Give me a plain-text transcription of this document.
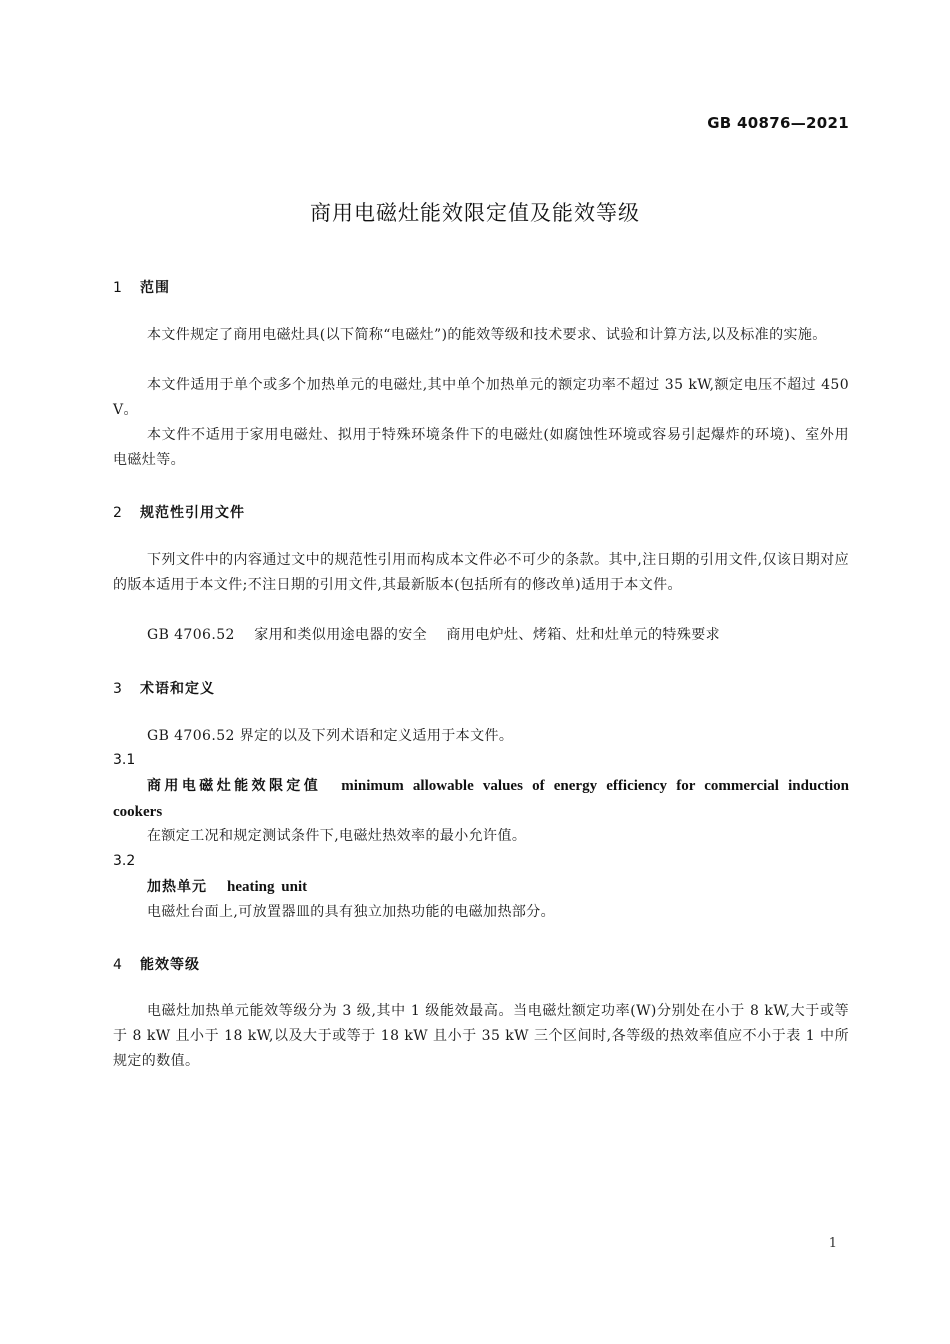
GB 40876—2021
商用电磁灶能效限定值及能效等级
1 范围
本文件规定了商用电磁灶具(以下简称“电磁灶”)的能效等级和技术要求、试验和计算方法,以及标准的实施。
本文件适用于单个或多个加热单元的电磁灶,其中单个加热单元的额定功率不超过 35 kW,额定电压不超过 450 V。
本文件不适用于家用电磁灶、拟用于特殊环境条件下的电磁灶(如腐蚀性环境或容易引起爆炸的环境)、室外用电磁灶等。
2 规范性引用文件
下列文件中的内容通过文中的规范性引用而构成本文件必不可少的条款。其中,注日期的引用文件,仅该日期对应的版本适用于本文件;不注日期的引用文件,其最新版本(包括所有的修改单)适用于本文件。
GB 4706.52    家用和类似用途电器的安全    商用电炉灶、烤箱、灶和灶单元的特殊要求
3 术语和定义
GB 4706.52 界定的以及下列术语和定义适用于本文件。
3.1
商用电磁灶能效限定值 minimum allowable values of energy efficiency for commercial induction cookers
在额定工况和规定测试条件下,电磁灶热效率的最小允许值。
3.2
加热单元 heating unit
电磁灶台面上,可放置器皿的具有独立加热功能的电磁加热部分。
4 能效等级
电磁灶加热单元能效等级分为 3 级,其中 1 级能效最高。当电磁灶额定功率(W)分别处在小于 8 kW,大于或等于 8 kW 且小于 18 kW,以及大于或等于 18 kW 且小于 35 kW 三个区间时,各等级的热效率值应不小于表 1 中所规定的数值。
1
